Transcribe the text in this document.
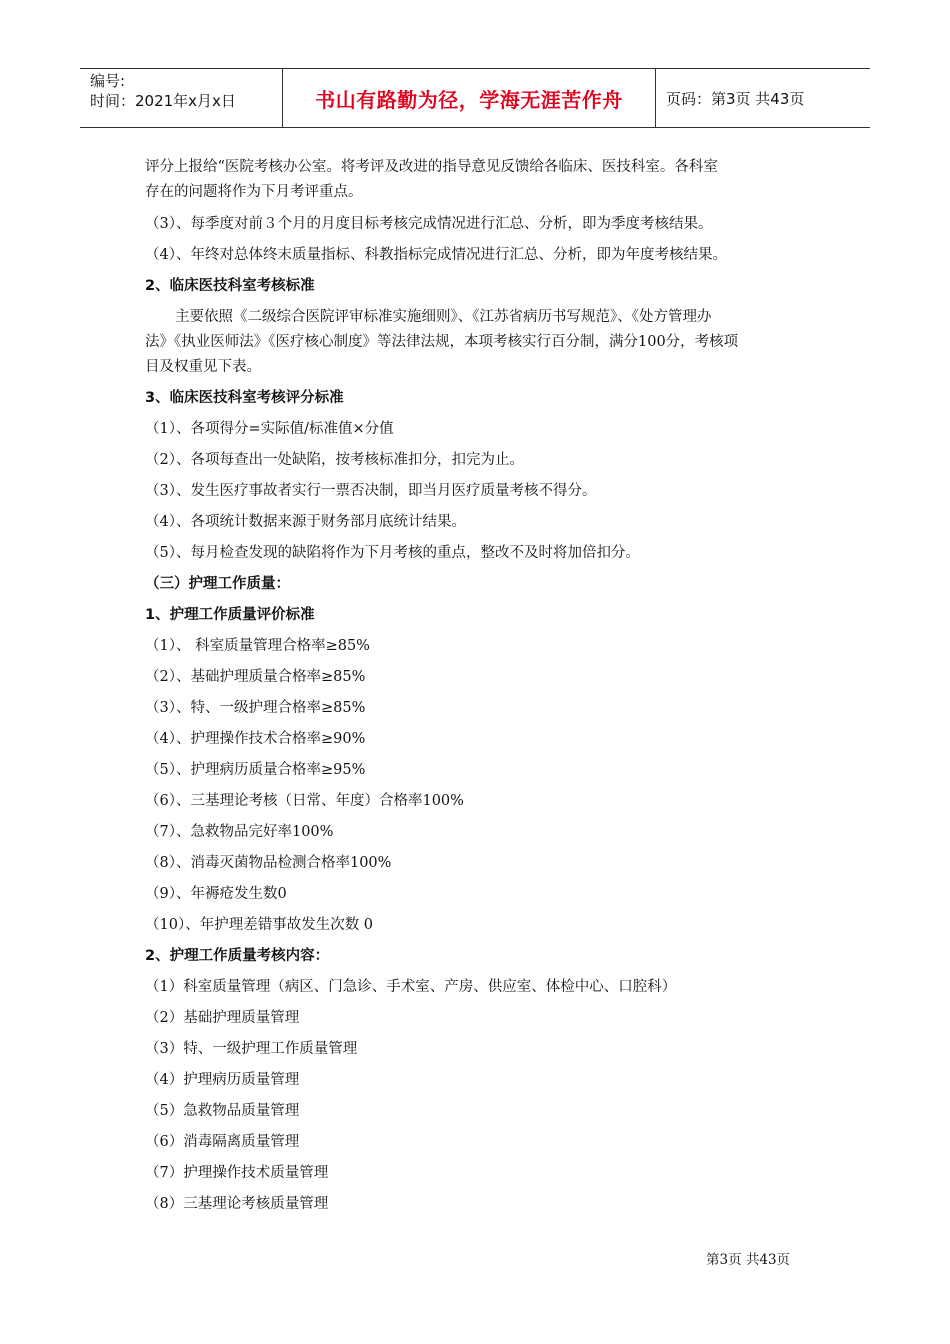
编号:
时间：2021年x月x日	书山有路勤为径，学海无涯苦作舟	页码：第3页 共43页
评分上报给“医院考核办公室。将考评及改进的指导意见反馈给各临床、医技科室。各科室
存在的问题将作为下月考评重点。
（3）、每季度对前３个月的月度目标考核完成情况进行汇总、分析，即为季度考核结果。
（4）、年终对总体终末质量指标、科教指标完成情况进行汇总、分析，即为年度考核结果。
2、临床医技科室考核标准
主要依照《二级综合医院评审标准实施细则》、《江苏省病历书写规范》、《处方管理办
法》《执业医师法》《医疗核心制度》等法律法规，本项考核实行百分制，满分100分，考核项
目及权重见下表。
3、临床医技科室考核评分标准
（1）、各项得分=实际值/标准值×分值
（2）、各项每查出一处缺陷，按考核标准扣分，扣完为止。
（3）、发生医疗事故者实行一票否决制，即当月医疗质量考核不得分。
（4）、各项统计数据来源于财务部月底统计结果。
（5）、每月检查发现的缺陷将作为下月考核的重点，整改不及时将加倍扣分。
（三）护理工作质量：
1、护理工作质量评价标准
（1）、 科室质量管理合格率≥85%
（2）、基础护理质量合格率≥85%
（3）、特、一级护理合格率≥85%
（4）、护理操作技术合格率≥90%
（5）、护理病历质量合格率≥95%
（6）、三基理论考核（日常、年度）合格率100%
（7）、急救物品完好率100%
（8）、消毒灭菌物品检测合格率100%
（9）、年褥疮发生数0
（10）、年护理差错事故发生次数 0
2、护理工作质量考核内容：
（1）科室质量管理（病区、门急诊、手术室、产房、供应室、体检中心、口腔科）
（2）基础护理质量管理
（3）特、一级护理工作质量管理
（4）护理病历质量管理
（5）急救物品质量管理
（6）消毒隔离质量管理
（7）护理操作技术质量管理
（8）三基理论考核质量管理
第3页 共43页
